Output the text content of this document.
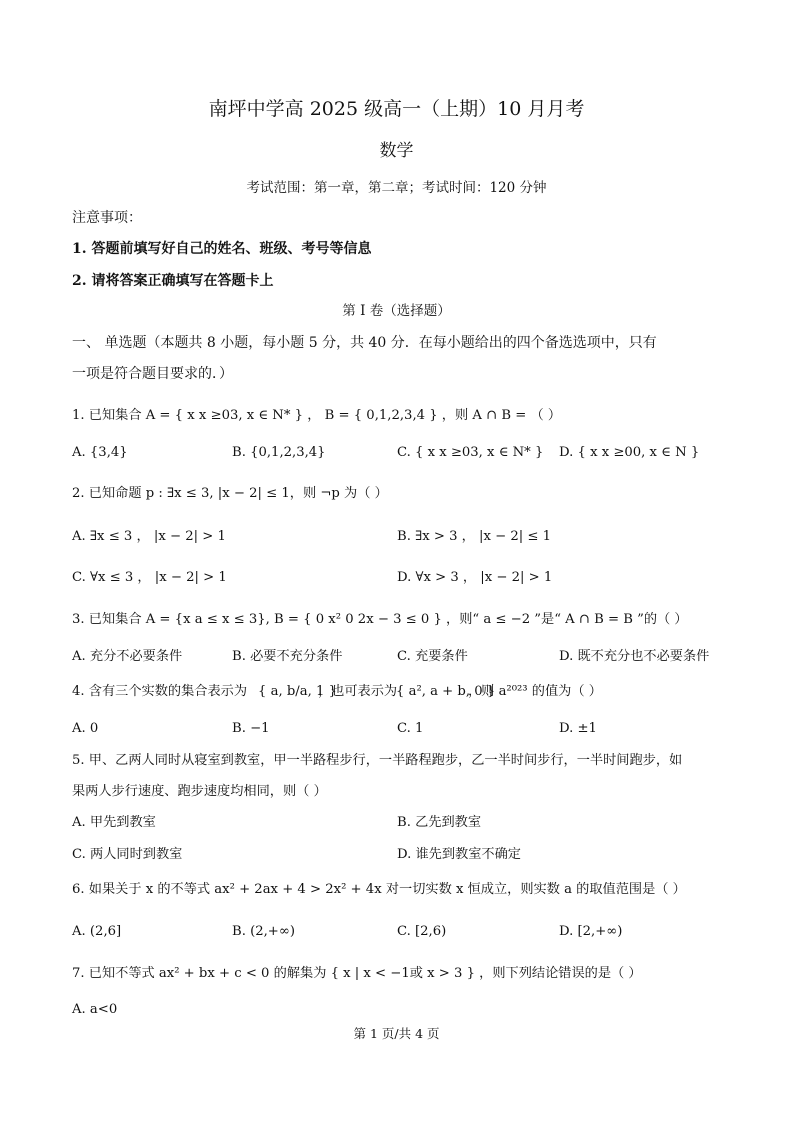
南坪中学高 2025 级高一（上期）10 月月考
数学
考试范围：第一章，第二章；考试时间：120 分钟
注意事项：
1. 答题前填写好自己的姓名、班级、考号等信息
2. 请将答案正确填写在答题卡上
第 I 卷（选择题）
一、 单选题（本题共 8 小题，每小题 5 分，共 40 分．在每小题给出的四个备选选项中，只有
一项是符合题目要求的．）
1. 已知集合 A = { x x ≥03, x ∈ N* } ， B = { 0,1,2,3,4 } ，则 A ∩ B = （ ）
A. {3,4}	B. {0,1,2,3,4}	C. { x x ≥03, x ∈ N* } D. { x x ≥00, x ∈ N }
2. 已知命题 p : ∃x ≤ 3, |x − 2| ≤ 1，则 ¬p 为（ ）
A. ∃x ≤ 3 ， |x − 2| > 1	B. ∃x > 3 ， |x − 2| ≤ 1
C. ∀x ≤ 3 ， |x − 2| > 1	D. ∀x > 3 ， |x − 2| > 1
3. 已知集合 A = {x a ≤ x ≤ 3}, B = { 0 x² 0 2x − 3 ≤ 0 } ，则“ a ≤ −2 ”是“ A ∩ B = B ”的（ ）
A. 充分不必要条件	B. 必要不充分条件	C. 充要条件	D. 既不充分也不必要条件
4. 含有三个实数的集合表示为 { a, b/a, 1 }
，也可表示为
{ a², a + b, 0 }
，则 a²⁰²³ 的值为（ ）
A. 0	B. −1	C. 1	D. ±1
5. 甲、乙两人同时从寝室到教室，甲一半路程步行，一半路程跑步，乙一半时间步行，一半时间跑步，如
果两人步行速度、跑步速度均相同，则（ ）
A. 甲先到教室	B. 乙先到教室
C. 两人同时到教室	D. 谁先到教室不确定
6. 如果关于 x 的不等式 ax² + 2ax + 4 > 2x² + 4x 对一切实数 x 恒成立，则实数 a 的取值范围是（ ）
A. (2,6]	B. (2,+∞)	C. [2,6)	D. [2,+∞)
7. 已知不等式 ax² + bx + c < 0 的解集为 { x | x < −1或 x > 3 } ，则下列结论错误的是（ ）
A. a<0
第 1 页/共 4 页
